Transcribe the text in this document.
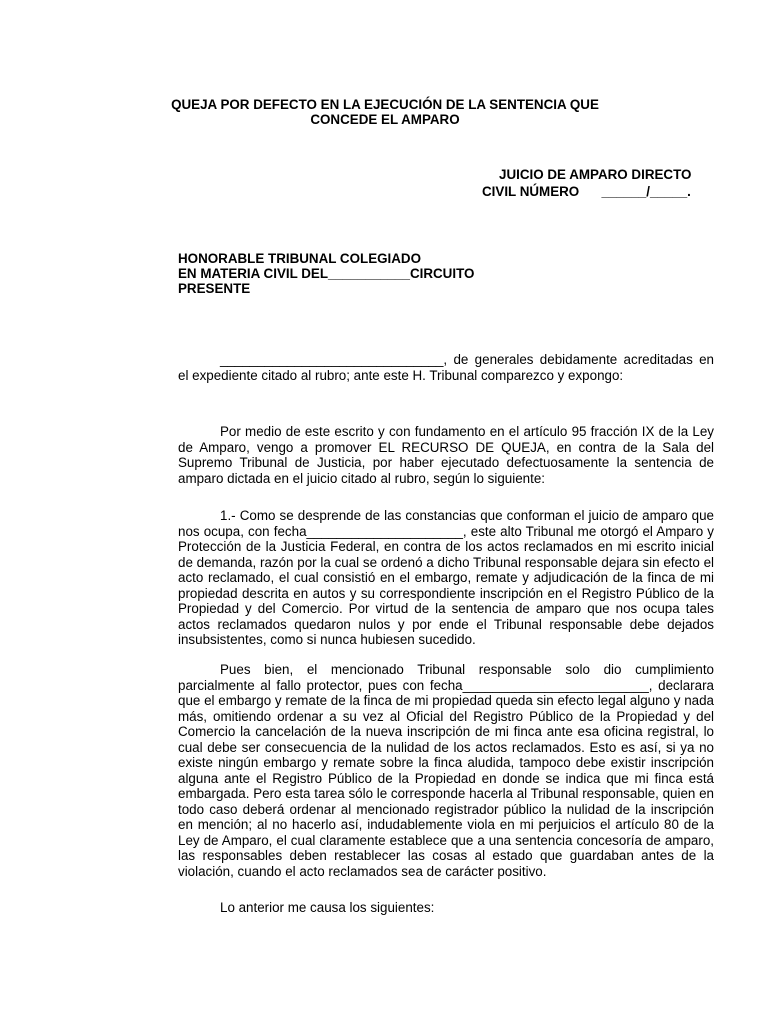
QUEJA POR DEFECTO EN LA EJECUCIÓN DE LA SENTENCIA QUE
CONCEDE EL AMPARO
JUICIO DE AMPARO DIRECTO
CIVIL NÚMERO      ______/_____.
HONORABLE TRIBUNAL COLEGIADO
EN MATERIA CIVIL DEL___________CIRCUITO
PRESENTE

______________________________, de generales debidamente acreditadas en el expediente citado al rubro; ante este H. Tribunal comparezco y expongo:

Por medio de este escrito y con fundamento en el artículo 95 fracción IX de la Ley de Amparo, vengo a promover EL RECURSO DE QUEJA, en contra de la Sala del Supremo Tribunal de Justicia, por haber ejecutado defectuosamente la sentencia de amparo dictada en el juicio citado al rubro, según lo siguiente:

1.- Como se desprende de las constancias que conforman el juicio de amparo que nos ocupa, con fecha_____________________, este alto Tribunal me otorgó el Amparo y Protección de la Justicia Federal, en contra de los actos reclamados en mi escrito inicial de demanda, razón por la cual se ordenó a dicho Tribunal responsable dejara sin efecto el acto reclamado, el cual consistió en el embargo, remate y adjudicación de la finca de mi propiedad descrita en autos y su correspondiente inscripción en el Registro Público de la Propiedad y del Comercio. Por virtud de la sentencia de amparo que nos ocupa tales actos reclamados quedaron nulos y por ende el Tribunal responsable debe dejados insubsistentes, como si nunca hubiesen sucedido.

Pues bien, el mencionado Tribunal responsable solo dio cumplimiento parcialmente al fallo protector, pues con fecha_________________________, declarara que el embargo y remate de la finca de mi propiedad queda sin efecto legal alguno y nada más, omitiendo ordenar a su vez al Oficial del Registro Público de la Propiedad y del Comercio la cancelación de la nueva inscripción de mi finca ante esa oficina registral, lo cual debe ser consecuencia de la nulidad de los actos reclamados. Esto es así, si ya no existe ningún embargo y remate sobre la finca aludida, tampoco debe existir inscripción alguna ante el Registro Público de la Propiedad en donde se indica que mi finca está embargada. Pero esta tarea sólo le corresponde hacerla al Tribunal responsable, quien en todo caso deberá ordenar al mencionado registrador público la nulidad de la inscripción en mención; al no hacerlo así, indudablemente viola en mi perjuicios el artículo 80 de la Ley de Amparo, el cual claramente establece que a una sentencia concesoría de amparo, las responsables deben restablecer las cosas al estado que guardaban antes de la violación, cuando el acto reclamados sea de carácter positivo.

Lo anterior me causa los siguientes:
